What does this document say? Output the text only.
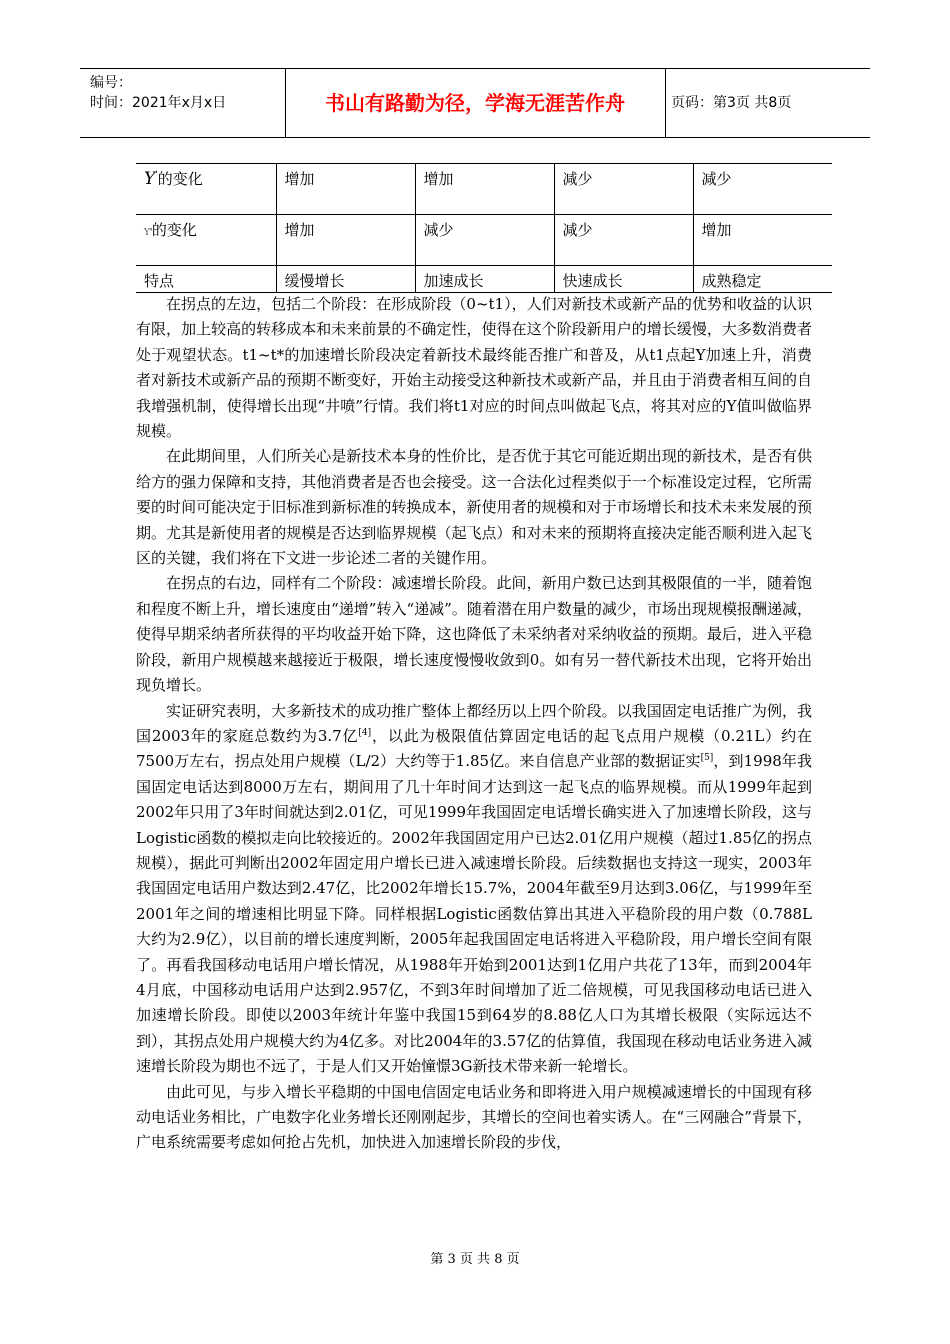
编号：
时间：2021年x月x日	书山有路勤为径，学海无涯苦作舟	页码：第3页 共8页
Y'的变化	增加	增加	减少	减少
Y''的变化	增加	减少	减少	增加
特点	缓慢增长	加速成长	快速成长	成熟稳定

在拐点的左边，包括二个阶段：在形成阶段（0~t1），人们对新技术或新产品的优势和收益的认识有限，加上较高的转移成本和未来前景的不确定性，使得在这个阶段新用户的增长缓慢，大多数消费者处于观望状态。t1~t*的加速增长阶段决定着新技术最终能否推广和普及，从t1点起Y加速上升，消费者对新技术或新产品的预期不断变好，开始主动接受这种新技术或新产品，并且由于消费者相互间的自我增强机制，使得增长出现“井喷”行情。我们将t1对应的时间点叫做起飞点，将其对应的Y值叫做临界规模。

在此期间里，人们所关心是新技术本身的性价比，是否优于其它可能近期出现的新技术，是否有供给方的强力保障和支持，其他消费者是否也会接受。这一合法化过程类似于一个标准设定过程，它所需要的时间可能决定于旧标准到新标准的转换成本，新使用者的规模和对于市场增长和技术未来发展的预期。尤其是新使用者的规模是否达到临界规模（起飞点）和对未来的预期将直接决定能否顺利进入起飞区的关键，我们将在下文进一步论述二者的关键作用。

在拐点的右边，同样有二个阶段：减速增长阶段。此间，新用户数已达到其极限值的一半，随着饱和程度不断上升，增长速度由“递增”转入“递减”。随着潜在用户数量的减少，市场出现规模报酬递减，使得早期采纳者所获得的平均收益开始下降，这也降低了未采纳者对采纳收益的预期。最后，进入平稳阶段，新用户规模越来越接近于极限，增长速度慢慢收敛到0。如有另一替代新技术出现，它将开始出现负增长。

实证研究表明，大多新技术的成功推广整体上都经历以上四个阶段。以我国固定电话推广为例，我国2003年的家庭总数约为3.7亿[4]，以此为极限值估算固定电话的起飞点用户规模（0.21L）约在7500万左右，拐点处用户规模（L/2）大约等于1.85亿。来自信息产业部的数据证实[5]，到1998年我国固定电话达到8000万左右，期间用了几十年时间才达到这一起飞点的临界规模。而从1999年起到2002年只用了3年时间就达到2.01亿，可见1999年我国固定电话增长确实进入了加速增长阶段，这与Logistic函数的模拟走向比较接近的。2002年我国固定用户已达2.01亿用户规模（超过1.85亿的拐点规模），据此可判断出2002年固定用户增长已进入减速增长阶段。后续数据也支持这一现实，2003年我国固定电话用户数达到2.47亿，比2002年增长15.7%，2004年截至9月达到3.06亿，与1999年至2001年之间的增速相比明显下降。同样根据Logistic函数估算出其进入平稳阶段的用户数（0.788L大约为2.9亿），以目前的增长速度判断，2005年起我国固定电话将进入平稳阶段，用户增长空间有限了。再看我国移动电话用户增长情况，从1988年开始到2001达到1亿用户共花了13年，而到2004年4月底，中国移动电话用户达到2.957亿，不到3年时间增加了近二倍规模，可见我国移动电话已进入加速增长阶段。即使以2003年统计年鉴中我国15到64岁的8.88亿人口为其增长极限（实际远达不到），其拐点处用户规模大约为4亿多。对比2004年的3.57亿的估算值，我国现在移动电话业务进入减速增长阶段为期也不远了，于是人们又开始憧憬3G新技术带来新一轮增长。

由此可见，与步入增长平稳期的中国电信固定电话业务和即将进入用户规模减速增长的中国现有移动电话业务相比，广电数字化业务增长还刚刚起步，其增长的空间也着实诱人。在“三网融合”背景下，广电系统需要考虑如何抢占先机，加快进入加速增长阶段的步伐，

第 3 页 共 8 页
